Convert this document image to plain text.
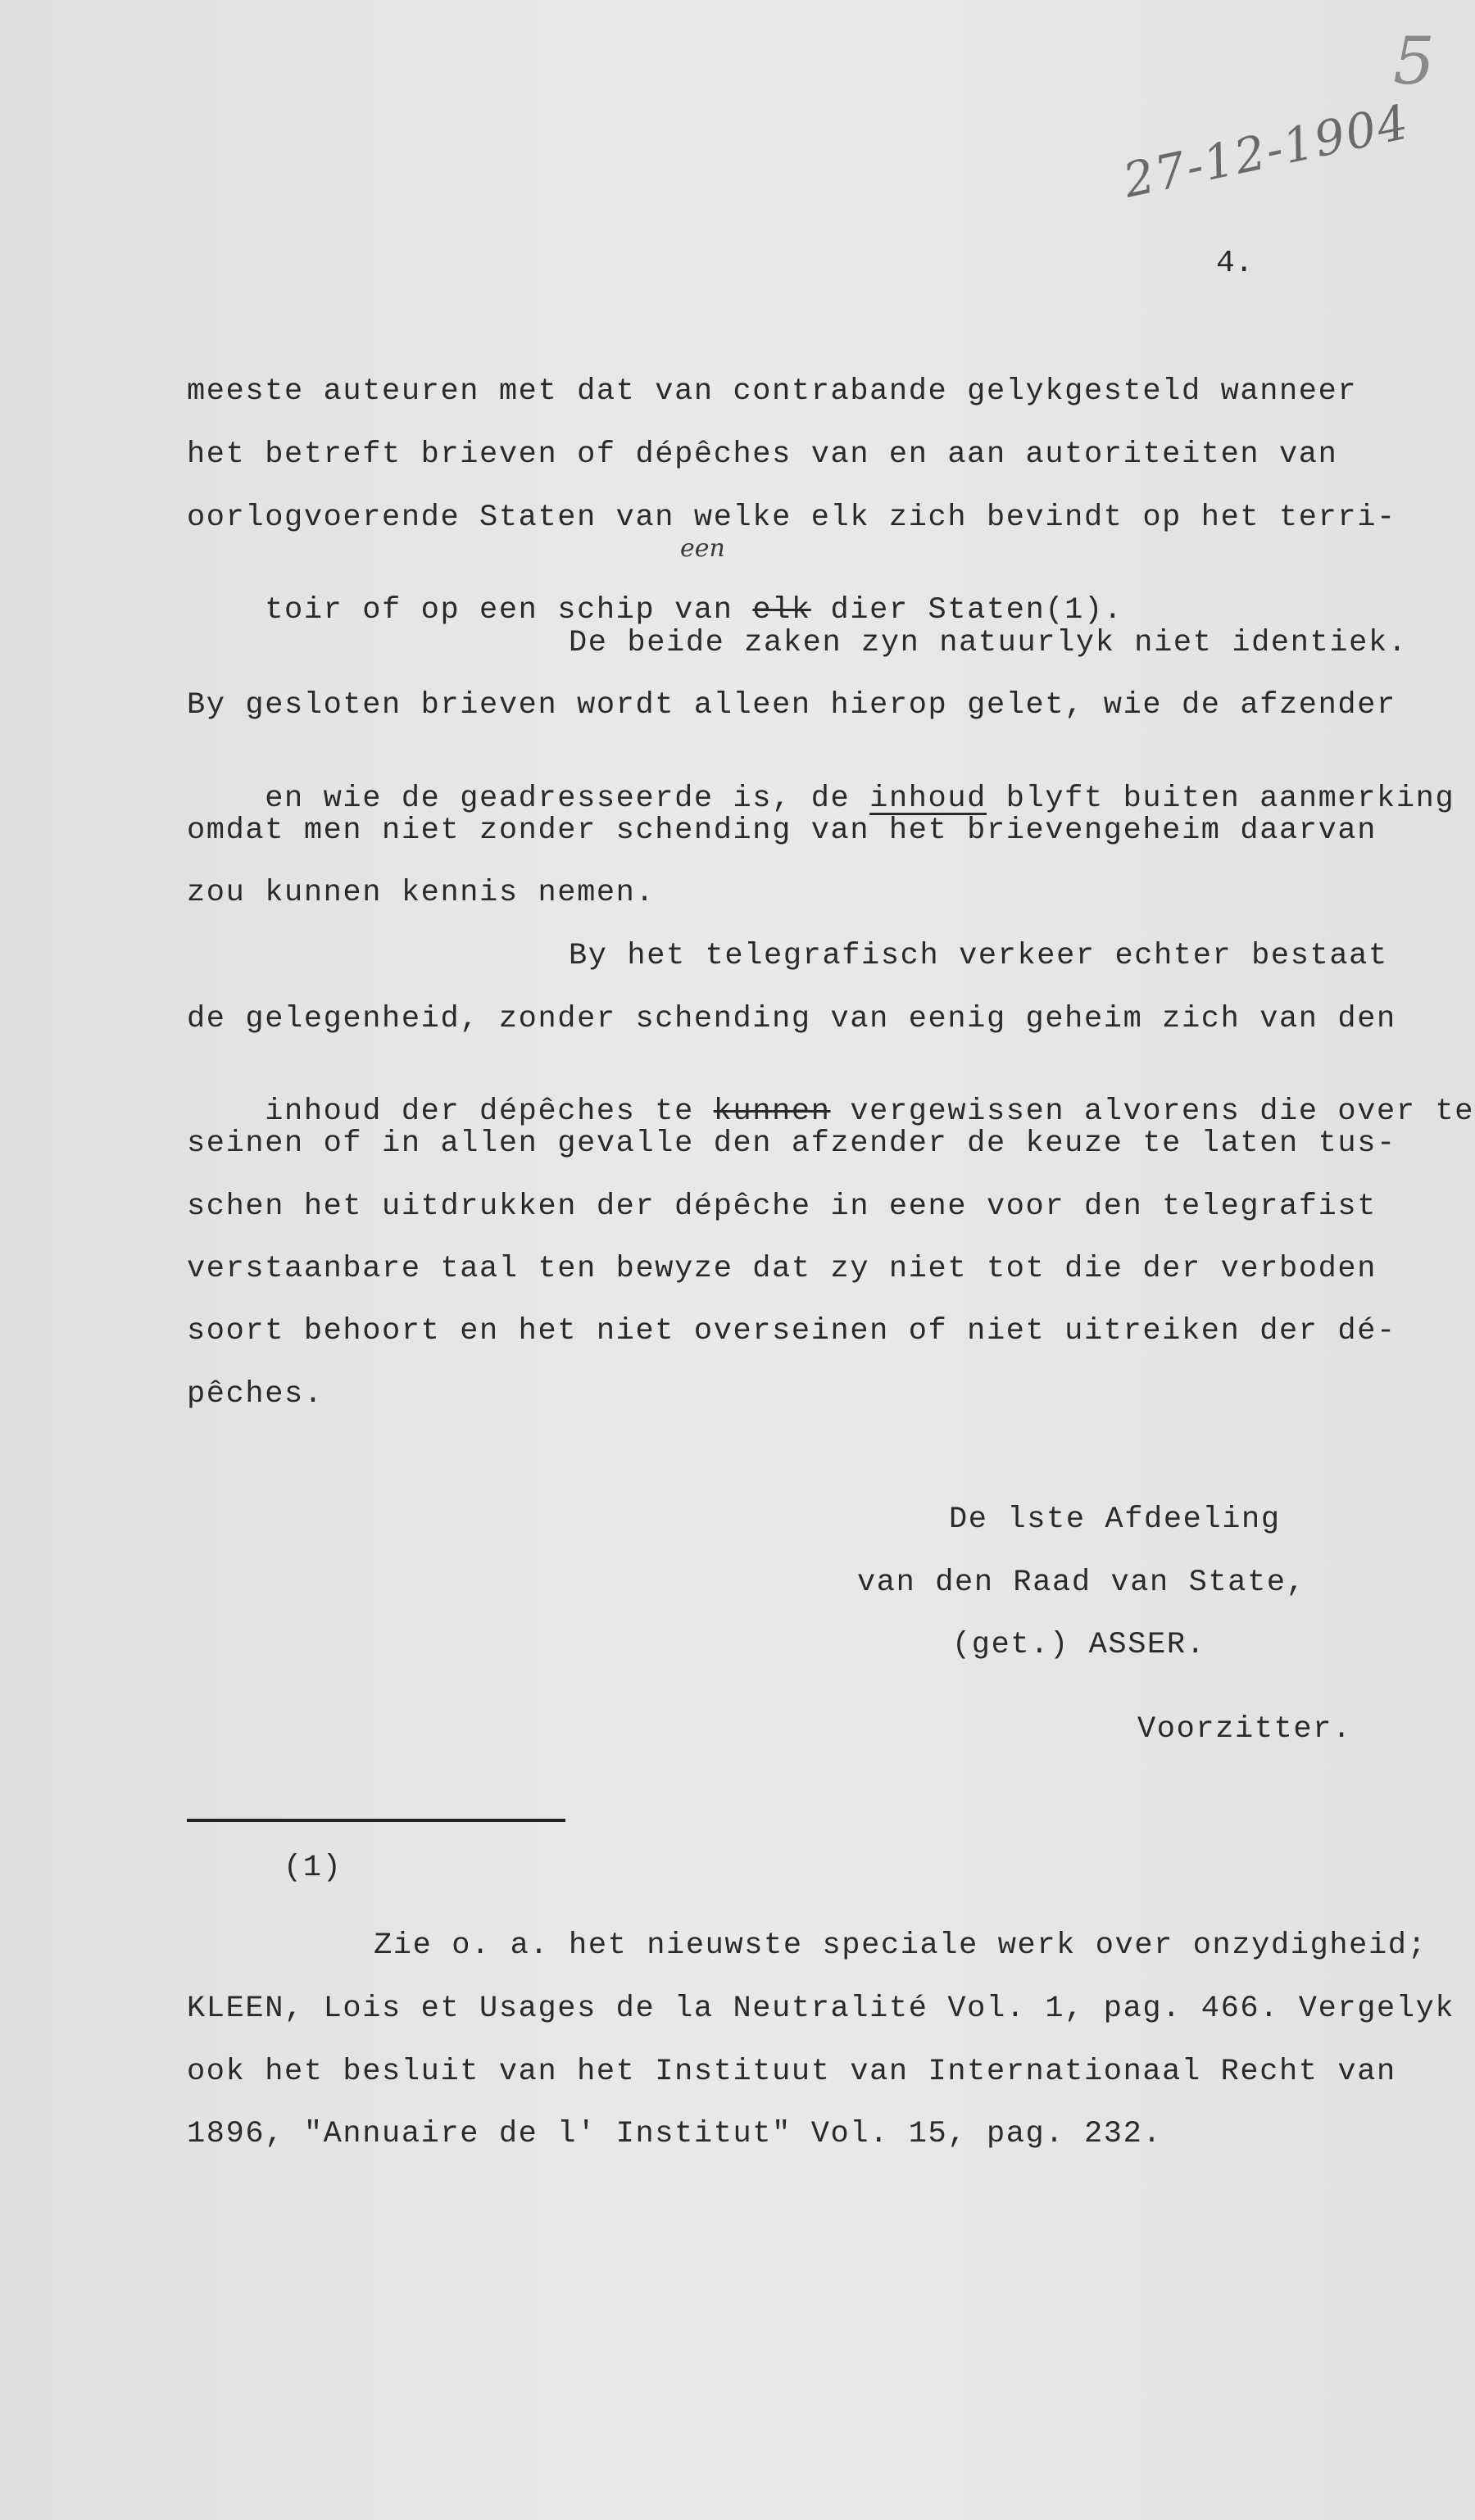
5
27-12-1904
4.
meeste auteuren met dat van contrabande gelykgesteld wanneer
het betreft brieven of dépêches van en aan autoriteiten van
oorlogvoerende Staten van welke elk zich bevindt op het terri-

toir of op een schip van elk dier Staten(1).

een
De beide zaken zyn natuurlyk niet identiek.
By gesloten brieven wordt alleen hierop gelet, wie de afzender

en wie de geadresseerde is, de inhoud blyft buiten aanmerking

omdat men niet zonder schending van het brievengeheim daarvan
zou kunnen kennis nemen.
By het telegrafisch verkeer echter bestaat
de gelegenheid, zonder schending van eenig geheim zich van den

inhoud der dépêches te kunnen vergewissen alvorens die over te

seinen of in allen gevalle den afzender de keuze te laten tus-
schen het uitdrukken der dépêche in eene voor den telegrafist
verstaanbare taal ten bewyze dat zy niet tot die der verboden
soort behoort en het niet overseinen of niet uitreiken der dé-
pêches.
De lste Afdeeling
van den Raad van State,
(get.) ASSER.
Voorzitter.
(1)
Zie o. a. het nieuwste speciale werk over onzydigheid;
KLEEN, Lois et Usages de la Neutralité Vol. 1, pag. 466. Vergelyk
ook het besluit van het Instituut van Internationaal Recht van
1896, "Annuaire de l' Institut" Vol. 15, pag. 232.
